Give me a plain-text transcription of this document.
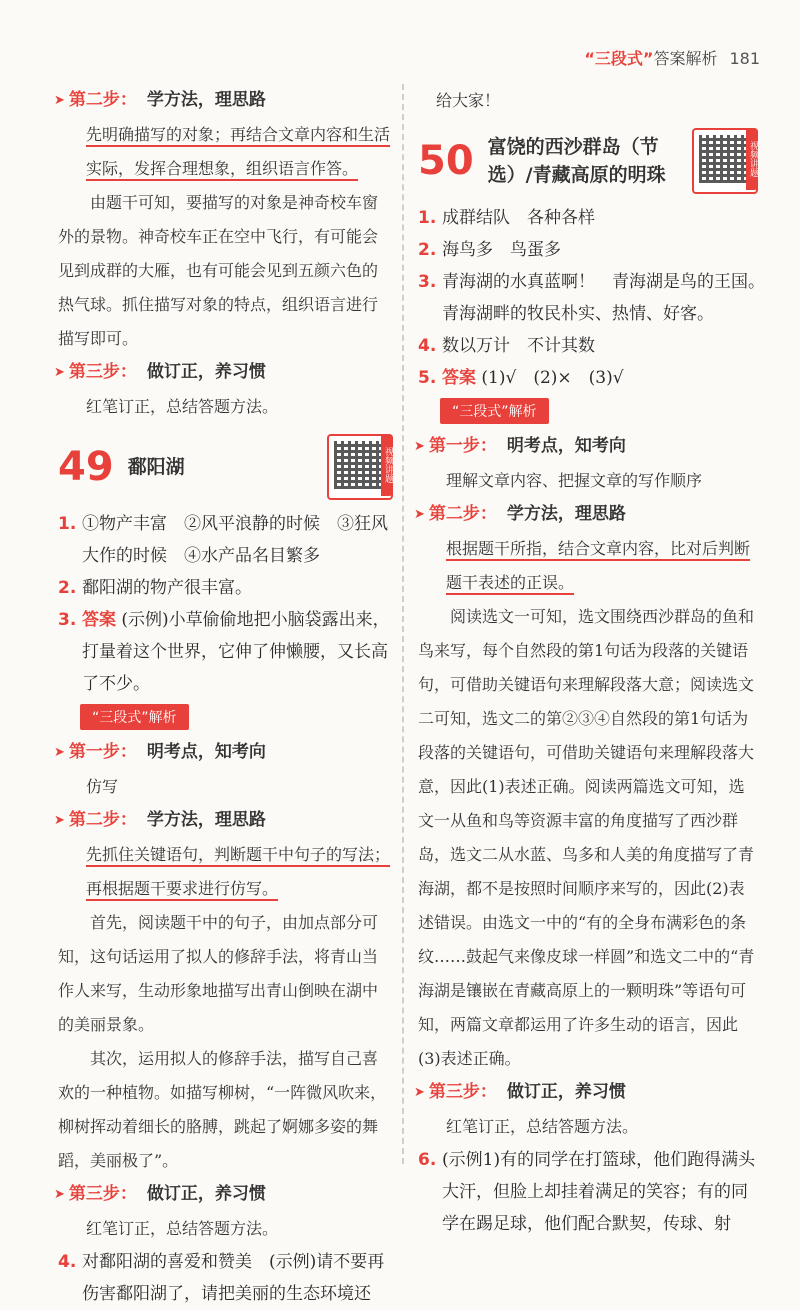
“三段式”答案解析 181
➤ 第二步： 学方法，理思路

先明确描写的对象；再结合文章内容和生活实际，发挥合理想象，组织语言作答。

由题干可知，要描写的对象是神奇校车窗外的景物。神奇校车正在空中飞行，有可能会见到成群的大雁，也有可能会见到五颜六色的热气球。抓住描写对象的特点，组织语言进行描写即可。

➤ 第三步： 做订正，养习惯

红笔订正，总结答题方法。

49 鄱阳湖	视频讲题
1. ①物产丰富　②风平浪静的时候　③狂风大作的时候　④水产品名目繁多
2. 鄱阳湖的物产很丰富。
3. 答案 (示例)小草偷偷地把小脑袋露出来，打量着这个世界，它伸了伸懒腰，又长高了不少。
“三段式”解析
➤ 第一步： 明考点，知考向

仿写

➤ 第二步： 学方法，理思路

先抓住关键语句，判断题干中句子的写法；再根据题干要求进行仿写。

首先，阅读题干中的句子，由加点部分可知，这句话运用了拟人的修辞手法，将青山当作人来写，生动形象地描写出青山倒映在湖中的美丽景象。

其次，运用拟人的修辞手法，描写自己喜欢的一种植物。如描写柳树，“一阵微风吹来，柳树挥动着细长的胳膊，跳起了婀娜多姿的舞蹈，美丽极了”。

➤ 第三步： 做订正，养习惯

红笔订正，总结答题方法。

4. 对鄱阳湖的喜爱和赞美　(示例)请不要再伤害鄱阳湖了，请把美丽的生态环境还

给大家！

50 富饶的西沙群岛（节选）/青藏高原的明珠	视频讲题
1. 成群结队　各种各样
2. 海鸟多　鸟蛋多
3. 青海湖的水真蓝啊！　青海湖是鸟的王国。　青海湖畔的牧民朴实、热情、好客。
4. 数以万计　不计其数
5. 答案 (1)√　(2)×　(3)√
“三段式”解析
➤ 第一步： 明考点，知考向

理解文章内容、把握文章的写作顺序

➤ 第二步： 学方法，理思路

根据题干所指，结合文章内容，比对后判断题干表述的正误。

阅读选文一可知，选文围绕西沙群岛的鱼和鸟来写，每个自然段的第1句话为段落的关键语句，可借助关键语句来理解段落大意；阅读选文二可知，选文二的第②③④自然段的第1句话为段落的关键语句，可借助关键语句来理解段落大意，因此(1)表述正确。阅读两篇选文可知，选文一从鱼和鸟等资源丰富的角度描写了西沙群岛，选文二从水蓝、鸟多和人美的角度描写了青海湖，都不是按照时间顺序来写的，因此(2)表述错误。由选文一中的“有的全身布满彩色的条纹……鼓起气来像皮球一样圆”和选文二中的“青海湖是镶嵌在青藏高原上的一颗明珠”等语句可知，两篇文章都运用了许多生动的语言，因此(3)表述正确。

➤ 第三步： 做订正，养习惯

红笔订正，总结答题方法。

6. (示例1)有的同学在打篮球，他们跑得满头大汗，但脸上却挂着满足的笑容；有的同学在踢足球，他们配合默契，传球、射
